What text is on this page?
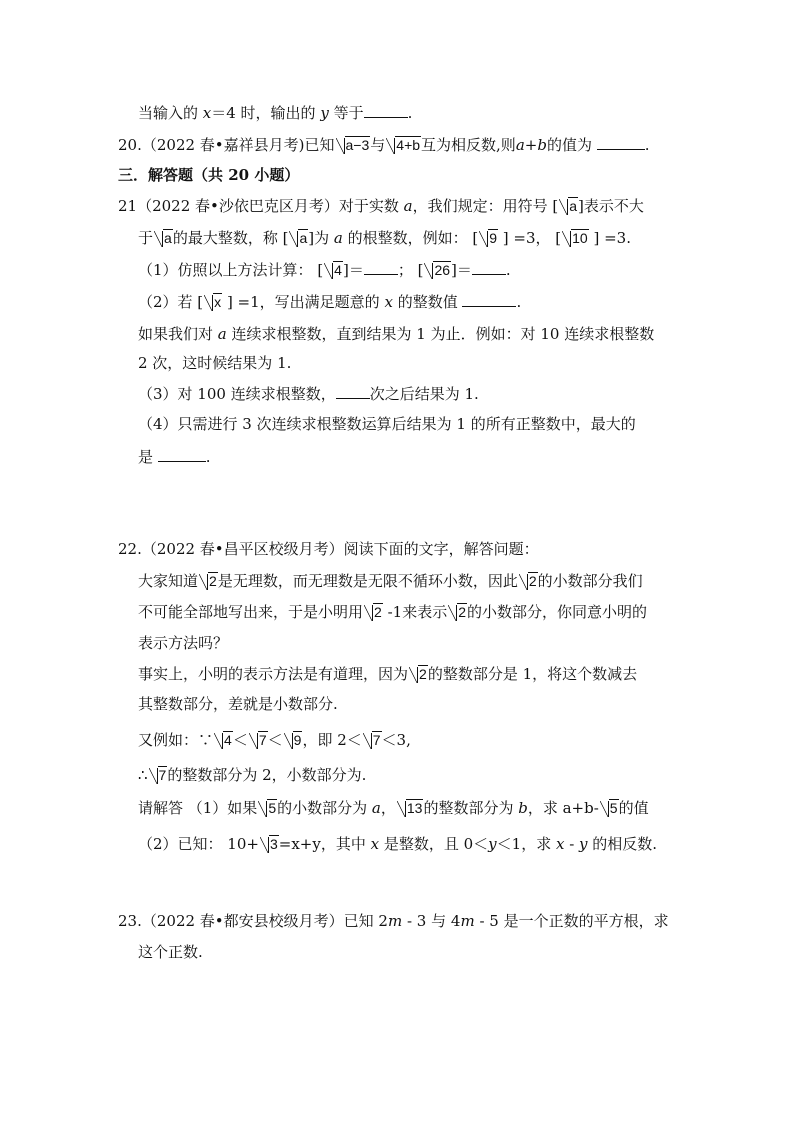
当输入的 x＝4 时，输出的 y 等于	.
20.（2022 春•嘉祥县月考)已知 a−3与 4+b互为相反数,则a+b的值为	.
三．解答题（共 20 小题）
21（2022 春•沙依巴克区月考）对于实数 a，我们规定：用符号 [ a]表示不大
于 a的最大整数，称 [ a]为 a 的根整数，例如： [ 9 ] =3， [ 10 ] =3.
（1）仿照以上方法计算： [ 4]＝ ； [ 26]＝ .
（2）若 [ x ] =1，写出满足题意的 x 的整数值	.
如果我们对 a 连续求根整数，直到结果为 1 为止．例如：对 10 连续求根整数
2 次，这时候结果为 1.
（3）对 100 连续求根整数， 次之后结果为 1.
（4）只需进行 3 次连续求根整数运算后结果为 1 的所有正整数中，最大的
是	.
22.（2022 春•昌平区校级月考）阅读下面的文字，解答问题：
大家知道 2是无理数，而无理数是无限不循环小数，因此 2的小数部分我们
不可能全部地写出来，于是小明用 2 -1来表示 2的小数部分，你同意小明的
表示方法吗？
事实上，小明的表示方法是有道理，因为 2的整数部分是 1，将这个数减去
其整数部分，差就是小数部分.
又例如：∵ 4＜ 7＜ 9，即 2＜ 7＜3,
∴ 7的整数部分为 2，小数部分为.
请解答 （1）如果 5的小数部分为 a， 13的整数部分为 b，求 a+b- 5的值
（2）已知： 10+ 3=x+y，其中 x 是整数，且 0＜y＜1，求 x - y 的相反数.
23.（2022 春•都安县校级月考）已知 2m - 3 与 4m - 5 是一个正数的平方根，求
这个正数.
